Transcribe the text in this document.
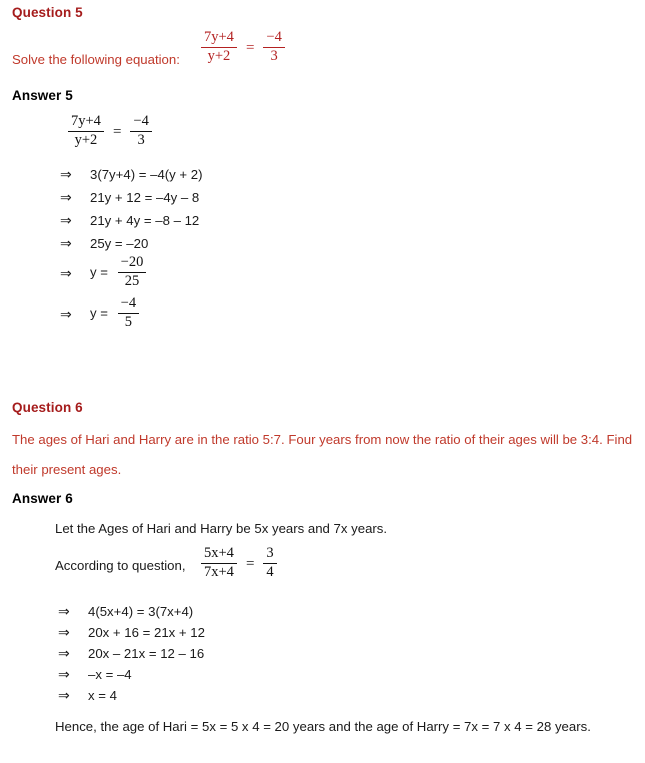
Question 5
Solve the following equation: $\frac{7y+4}{y+2} = \frac{-4}{3}$
Answer 5
$\frac{7y+4}{y+2} = \frac{-4}{3}$
⇒	3(7y+4) = –4(y + 2)
⇒	21y + 12 = –4y – 8
⇒	21y + 4y = –8 – 12
⇒	25y = –20
⇒	$y = \frac{-20}{25}$
⇒	$y = \frac{-4}{5}$
Question 6
The ages of Hari and Harry are in the ratio 5:7. Four years from now the ratio of their ages will be 3:4. Find their present ages.
Answer 6
Let the Ages of Hari and Harry be 5x years and 7x years.
According to question, $\frac{5x+4}{7x+4} = \frac{3}{4}$
⇒	4(5x+4) = 3(7x+4)
⇒	20x + 16 = 21x + 12
⇒	20x – 21x = 12 – 16
⇒	–x = –4
⇒	x = 4
Hence, the age of Hari = 5x = 5 x 4 = 20 years and the age of Harry = 7x = 7 x 4 = 28 years.
